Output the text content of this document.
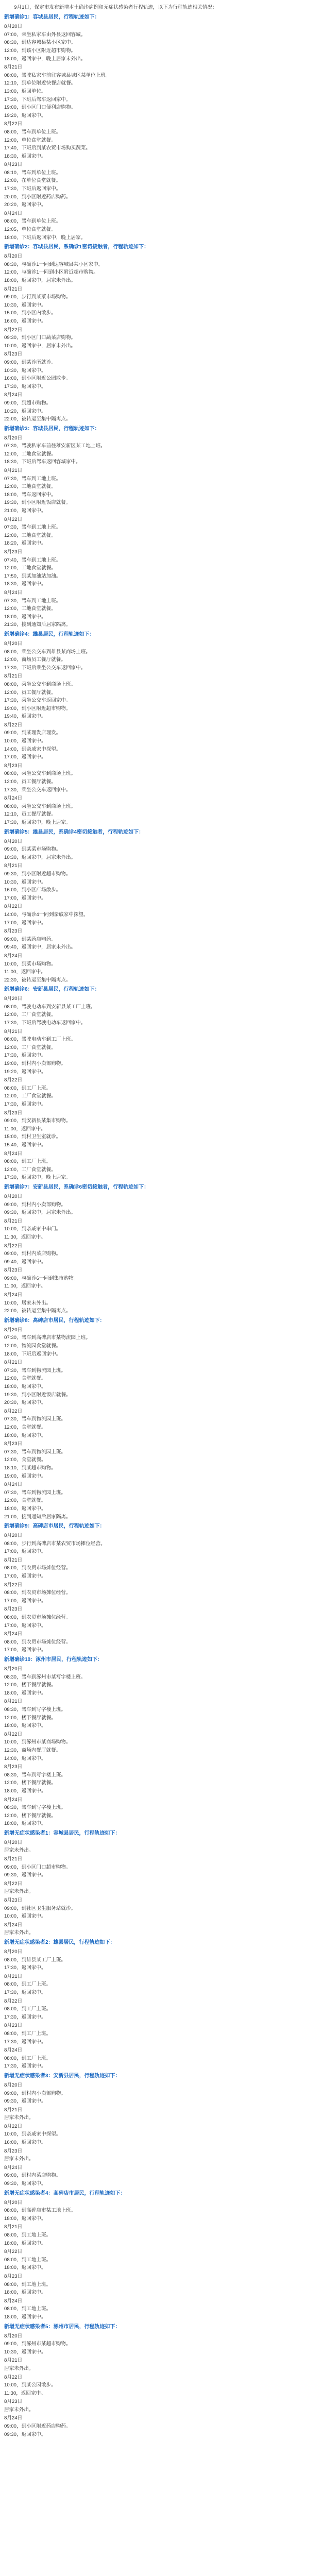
9月1日，保定市发布新增本土确诊病例和无症状感染者行程轨迹，以下为行程轨迹相关情况：

新增确诊1：容城县居民，行程轨迹如下：

8月20日

07:00，乘坐私家车由外县返回容城。

08:30，到达容城县某小区家中。

12:00，到该小区附近超市购物。

18:00，返回家中，晚上居家未外出。

8月21日

08:00，驾驶私家车前往容城县城区某单位上班。

12:10，到单位附近快餐店就餐。

13:00，返回单位。

17:30，下班后驾车返回家中。

19:00，到小区门口便利店购物。

19:20，返回家中。

8月22日

08:00，驾车到单位上班。

12:00，单位食堂就餐。

17:40，下班后到某农贸市场购买蔬菜。

18:30，返回家中。

8月23日

08:10，驾车到单位上班。

12:00，在单位食堂就餐。

17:30，下班后返回家中。

20:00，到小区附近药店购药。

20:20，返回家中。

8月24日

08:00，驾车到单位上班。

12:05，单位食堂就餐。

18:00，下班后返回家中，晚上居家。

新增确诊2：容城县居民，系确诊1密切接触者，行程轨迹如下：

8月20日

08:30，与确诊1一同到达容城县某小区家中。

12:00，与确诊1一同到小区附近超市购物。

18:00，返回家中，居家未外出。

8月21日

09:00，步行到某菜市场购物。

10:30，返回家中。

15:00，到小区内散步。

16:00，返回家中。

8月22日

09:30，到小区门口蔬菜店购物。

10:00，返回家中，居家未外出。

8月23日

09:00，到某诊所就诊。

10:30，返回家中。

16:00，到小区附近公园散步。

17:30，返回家中。

8月24日

09:00，到超市购物。

10:20，返回家中。

22:00，被转运至集中隔离点。

新增确诊3：容城县居民，行程轨迹如下：

8月20日

07:30，驾驶私家车前往雄安新区某工地上班。

12:00，工地食堂就餐。

18:30，下班后驾车返回容城家中。

8月21日

07:30，驾车到工地上班。

12:00，工地食堂就餐。

18:00，驾车返回家中。

19:30，到小区附近饭店就餐。

21:00，返回家中。

8月22日

07:30，驾车到工地上班。

12:00，工地食堂就餐。

18:20，返回家中。

8月23日

07:40，驾车到工地上班。

12:00，工地食堂就餐。

17:50，到某加油站加油。

18:30，返回家中。

8月24日

07:30，驾车到工地上班。

12:00，工地食堂就餐。

18:00，返回家中。

21:30，接到通知后居家隔离。

新增确诊4：雄县居民，行程轨迹如下：

8月20日

08:00，乘坐公交车到雄县某商场上班。

12:00，商场员工餐厅就餐。

17:30，下班后乘坐公交车返回家中。

8月21日

08:00，乘坐公交车到商场上班。

12:00，员工餐厅就餐。

17:30，乘坐公交车返回家中。

19:00，到小区附近超市购物。

19:40，返回家中。

8月22日

09:00，到某理发店理发。

10:00，返回家中。

14:00，到亲戚家中探望。

17:00，返回家中。

8月23日

08:00，乘坐公交车到商场上班。

12:00，员工餐厅就餐。

17:30，乘坐公交车返回家中。

8月24日

08:00，乘坐公交车到商场上班。

12:10，员工餐厅就餐。

17:30，返回家中，晚上居家。

新增确诊5：雄县居民，系确诊4密切接触者，行程轨迹如下：

8月20日

09:00，到某菜市场购物。

10:30，返回家中，居家未外出。

8月21日

09:30，到小区附近超市购物。

10:30，返回家中。

16:00，到小区广场散步。

17:00，返回家中。

8月22日

14:00，与确诊4一同到亲戚家中探望。

17:00，返回家中。

8月23日

09:00，到某药店购药。

09:40，返回家中，居家未外出。

8月24日

10:00，到菜市场购物。

11:00，返回家中。

22:30，被转运至集中隔离点。

新增确诊6：安新县居民，行程轨迹如下：

8月20日

08:00，驾驶电动车到安新县某工厂上班。

12:00，工厂食堂就餐。

17:30，下班后驾驶电动车返回家中。

8月21日

08:00，驾驶电动车到工厂上班。

12:00，工厂食堂就餐。

17:30，返回家中。

19:00，到村内小卖部购物。

19:20，返回家中。

8月22日

08:00，到工厂上班。

12:00，工厂食堂就餐。

17:30，返回家中。

8月23日

09:00，到安新县某集市购物。

11:00，返回家中。

15:00，到村卫生室就诊。

15:40，返回家中。

8月24日

08:00，到工厂上班。

12:00，工厂食堂就餐。

17:30，返回家中，晚上居家。

新增确诊7：安新县居民，系确诊6密切接触者，行程轨迹如下：

8月20日

09:00，到村内小卖部购物。

09:30，返回家中，居家未外出。

8月21日

10:00，到亲戚家中串门。

11:30，返回家中。

8月22日

09:00，到村内菜店购物。

09:40，返回家中。

8月23日

09:00，与确诊6一同到集市购物。

11:00，返回家中。

8月24日

10:00，居家未外出。

22:00，被转运至集中隔离点。

新增确诊8：高碑店市居民，行程轨迹如下：

8月20日

07:30，驾车到高碑店市某物流园上班。

12:00，物流园食堂就餐。

18:00，下班后返回家中。

8月21日

07:30，驾车到物流园上班。

12:00，食堂就餐。

18:00，返回家中。

19:30，到小区附近饭店就餐。

20:30，返回家中。

8月22日

07:30，驾车到物流园上班。

12:00，食堂就餐。

18:00，返回家中。

8月23日

07:30，驾车到物流园上班。

12:00，食堂就餐。

18:10，到某超市购物。

19:00，返回家中。

8月24日

07:30，驾车到物流园上班。

12:00，食堂就餐。

18:00，返回家中。

21:00，接到通知后居家隔离。

新增确诊9：高碑店市居民，行程轨迹如下：

8月20日

08:00，步行到高碑店市某农贸市场摊位经营。

17:00，返回家中。

8月21日

08:00，到农贸市场摊位经营。

17:00，返回家中。

8月22日

08:00，到农贸市场摊位经营。

17:00，返回家中。

8月23日

08:00，到农贸市场摊位经营。

17:00，返回家中。

8月24日

08:00，到农贸市场摊位经营。

17:00，返回家中。

新增确诊10：涿州市居民，行程轨迹如下：

8月20日

08:30，驾车到涿州市某写字楼上班。

12:00，楼下餐厅就餐。

18:00，返回家中。

8月21日

08:30，驾车到写字楼上班。

12:00，楼下餐厅就餐。

18:00，返回家中。

8月22日

10:00，到涿州市某商场购物。

12:30，商场内餐厅就餐。

14:00，返回家中。

8月23日

08:30，驾车到写字楼上班。

12:00，楼下餐厅就餐。

18:00，返回家中。

8月24日

08:30，驾车到写字楼上班。

12:00，楼下餐厅就餐。

18:00，返回家中。

新增无症状感染者1：容城县居民，行程轨迹如下：

8月20日

居家未外出。

8月21日

09:00，到小区门口超市购物。

09:30，返回家中。

8月22日

居家未外出。

8月23日

09:00，到社区卫生服务站就诊。

10:00，返回家中。

8月24日

居家未外出。

新增无症状感染者2：雄县居民，行程轨迹如下：

8月20日

08:00，到雄县某工厂上班。

17:30，返回家中。

8月21日

08:00，到工厂上班。

17:30，返回家中。

8月22日

08:00，到工厂上班。

17:30，返回家中。

8月23日

08:00，到工厂上班。

17:30，返回家中。

8月24日

08:00，到工厂上班。

17:30，返回家中。

新增无症状感染者3：安新县居民，行程轨迹如下：

8月20日

09:00，到村内小卖部购物。

09:30，返回家中。

8月21日

居家未外出。

8月22日

10:00，到亲戚家中探望。

16:00，返回家中。

8月23日

居家未外出。

8月24日

09:00，到村内菜店购物。

09:30，返回家中。

新增无症状感染者4：高碑店市居民，行程轨迹如下：

8月20日

08:00，到高碑店市某工地上班。

18:00，返回家中。

8月21日

08:00，到工地上班。

18:00，返回家中。

8月22日

08:00，到工地上班。

18:00，返回家中。

8月23日

08:00，到工地上班。

18:00，返回家中。

8月24日

08:00，到工地上班。

18:00，返回家中。

新增无症状感染者5：涿州市居民，行程轨迹如下：

8月20日

09:00，到涿州市某超市购物。

10:30，返回家中。

8月21日

居家未外出。

8月22日

10:00，到某公园散步。

11:30，返回家中。

8月23日

居家未外出。

8月24日

09:00，到小区附近药店购药。

09:30，返回家中。
